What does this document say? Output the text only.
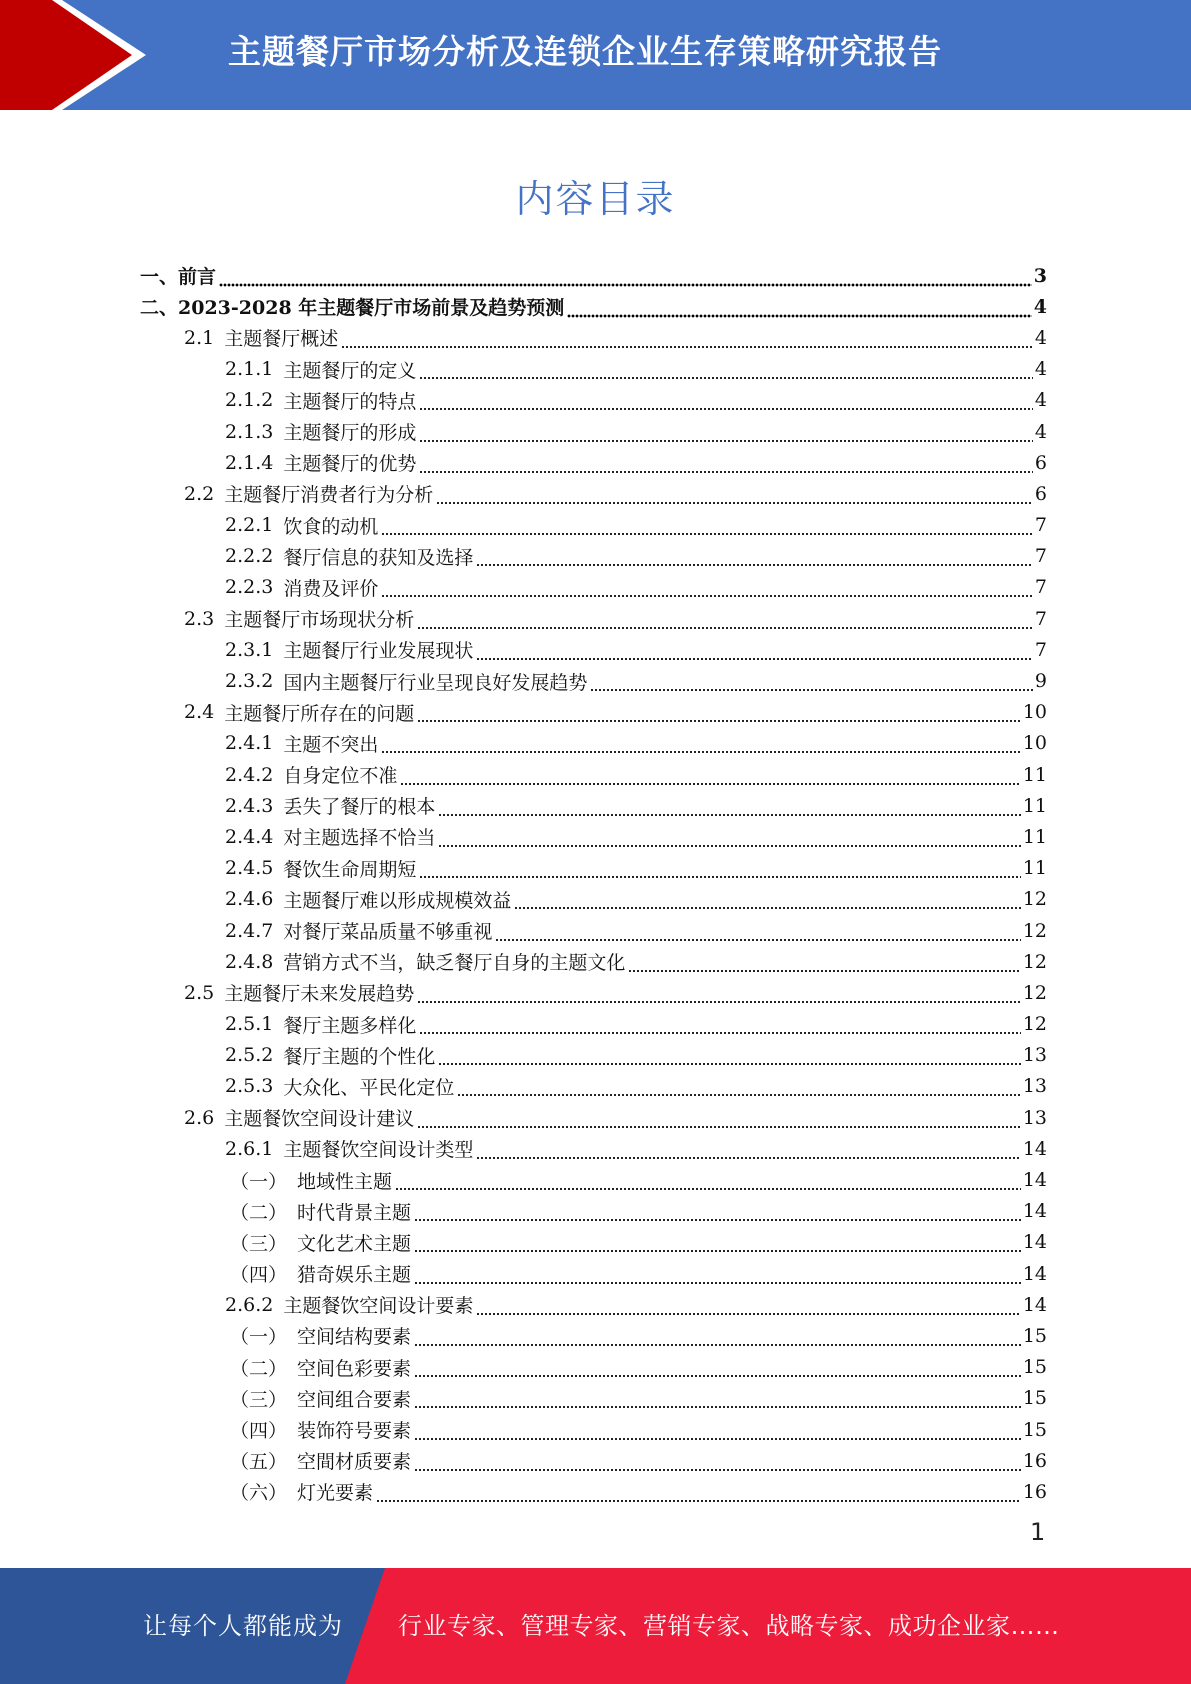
主题餐厅市场分析及连锁企业生存策略研究报告
内容目录
一、 前言	3
二、 2023-2028 年主题餐厅市场前景及趋势预测	4
2.1 主题餐厅概述	4
2.1.1 主题餐厅的定义	4
2.1.2 主题餐厅的特点	4
2.1.3 主题餐厅的形成	4
2.1.4 主题餐厅的优势	6
2.2 主题餐厅消费者行为分析	6
2.2.1 饮食的动机	7
2.2.2 餐厅信息的获知及选择	7
2.2.3 消费及评价	7
2.3 主题餐厅市场现状分析	7
2.3.1 主题餐厅行业发展现状	7
2.3.2 国内主题餐厅行业呈现良好发展趋势	9
2.4 主题餐厅所存在的问题	10
2.4.1 主题不突出	10
2.4.2 自身定位不准	11
2.4.3 丢失了餐厅的根本	11
2.4.4 对主题选择不恰当	11
2.4.5 餐饮生命周期短	11
2.4.6 主题餐厅难以形成规模效益	12
2.4.7 对餐厅菜品质量不够重视	12
2.4.8 营销方式不当，缺乏餐厅自身的主题文化	12
2.5 主题餐厅未来发展趋势	12
2.5.1 餐厅主题多样化	12
2.5.2 餐厅主题的个性化	13
2.5.3 大众化、平民化定位	13
2.6 主题餐饮空间设计建议	13
2.6.1 主题餐饮空间设计类型	14
（一） 地域性主题	14
（二） 时代背景主题	14
（三） 文化艺术主题	14
（四） 猎奇娱乐主题	14
2.6.2 主题餐饮空间设计要素	14
（一） 空间结构要素	15
（二） 空间色彩要素	15
（三） 空间组合要素	15
（四） 装饰符号要素	15
（五） 空間材质要素	16
（六） 灯光要素	16
1
让每个人都能成为 行业专家、管理专家、营销专家、战略专家、成功企业家……
